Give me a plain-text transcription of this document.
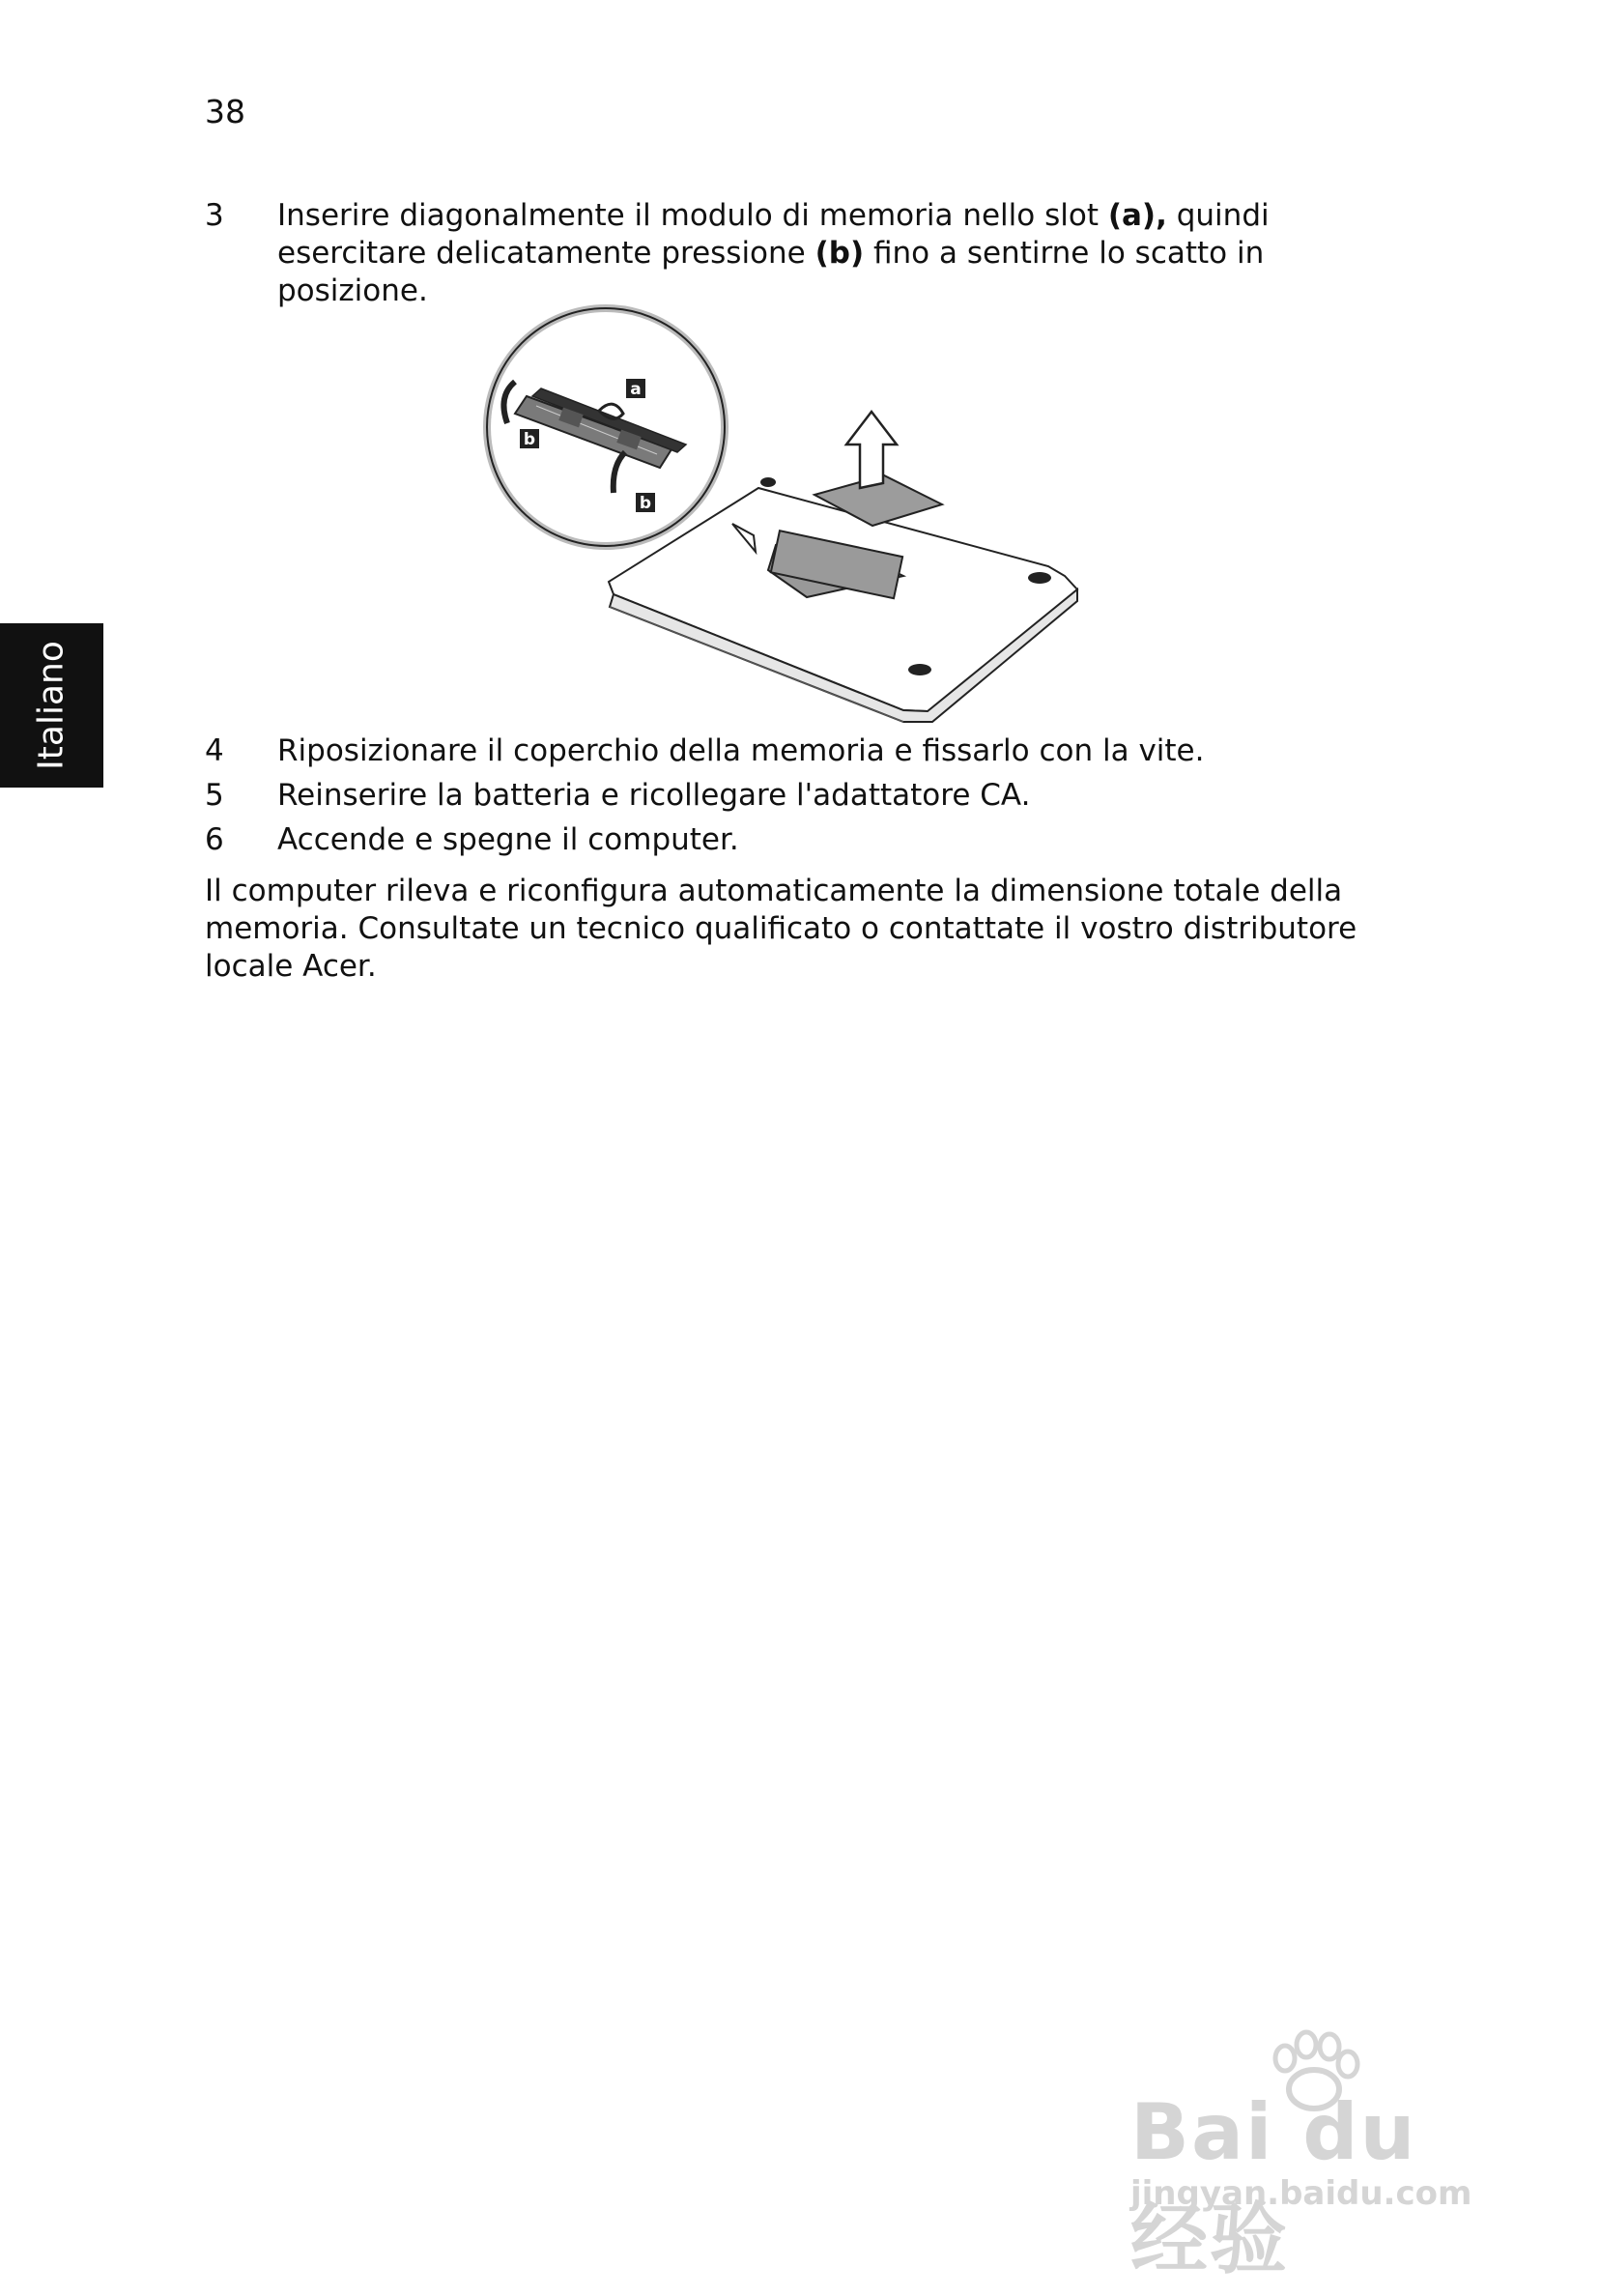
38
Italiano
3 Inserire diagonalmente il modulo di memoria nello slot (a), quindi
esercitare delicatamente pressione (b) fino a sentirne lo scatto in posizione.
a
b
b
4 Riposizionare il coperchio della memoria e fissarlo con la vite.
5 Reinserire la batteria e ricollegare l'adattatore CA.
6 Accende e spegne il computer.
Il computer rileva e riconfigura automaticamente la dimensione totale della memoria. Consultate un tecnico qualificato o contattate il vostro distributore locale Acer.
Bai du 经验
jingyan.baidu.com
